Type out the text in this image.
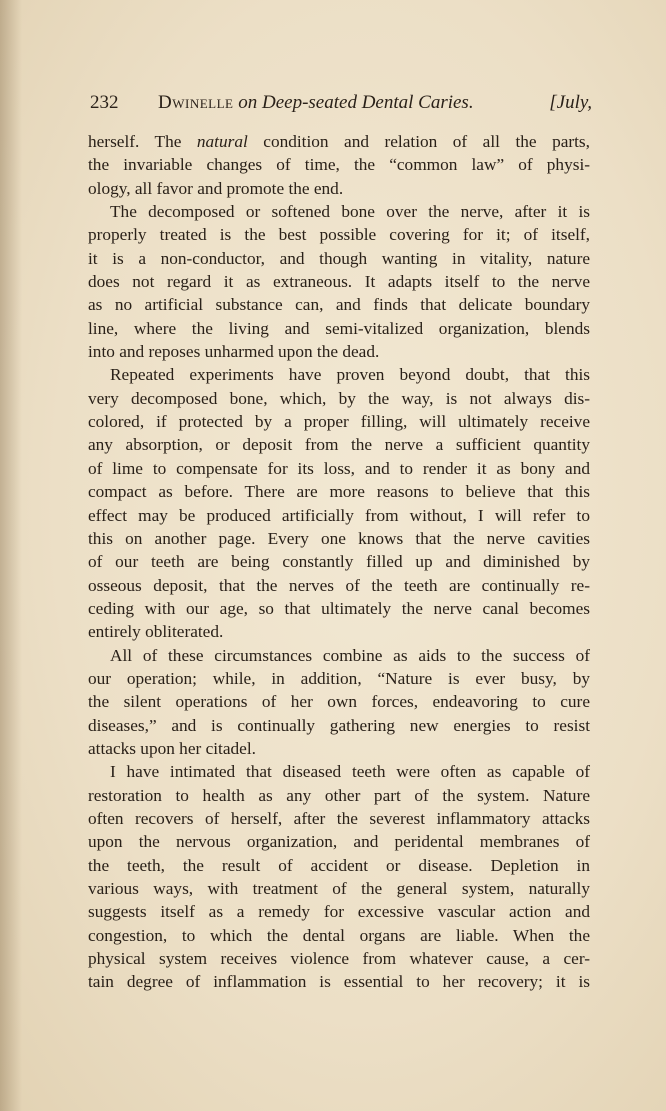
232 Dwinelle on Deep-seated Dental Caries.	[July,
herself. The natural condition and relation of all the parts,
the invariable changes of time, the “common law” of physi-
ology, all favor and promote the end.
The decomposed or softened bone over the nerve, after it is
properly treated is the best possible covering for it; of itself,
it is a non-conductor, and though wanting in vitality, nature
does not regard it as extraneous. It adapts itself to the nerve
as no artificial substance can, and finds that delicate boundary
line, where the living and semi-vitalized organization, blends
into and reposes unharmed upon the dead.
Repeated experiments have proven beyond doubt, that this
very decomposed bone, which, by the way, is not always dis-
colored, if protected by a proper filling, will ultimately receive
any absorption, or deposit from the nerve a sufficient quantity
of lime to compensate for its loss, and to render it as bony and
compact as before. There are more reasons to believe that this
effect may be produced artificially from without, I will refer to
this on another page. Every one knows that the nerve cavities
of our teeth are being constantly filled up and diminished by
osseous deposit, that the nerves of the teeth are continually re-
ceding with our age, so that ultimately the nerve canal becomes
entirely obliterated.
All of these circumstances combine as aids to the success of
our operation; while, in addition, “Nature is ever busy, by
the silent operations of her own forces, endeavoring to cure
diseases,” and is continually gathering new energies to resist
attacks upon her citadel.
I have intimated that diseased teeth were often as capable of
restoration to health as any other part of the system. Nature
often recovers of herself, after the severest inflammatory attacks
upon the nervous organization, and peridental membranes of
the teeth, the result of accident or disease. Depletion in
various ways, with treatment of the general system, naturally
suggests itself as a remedy for excessive vascular action and
congestion, to which the dental organs are liable. When the
physical system receives violence from whatever cause, a cer-
tain degree of inflammation is essential to her recovery; it is
